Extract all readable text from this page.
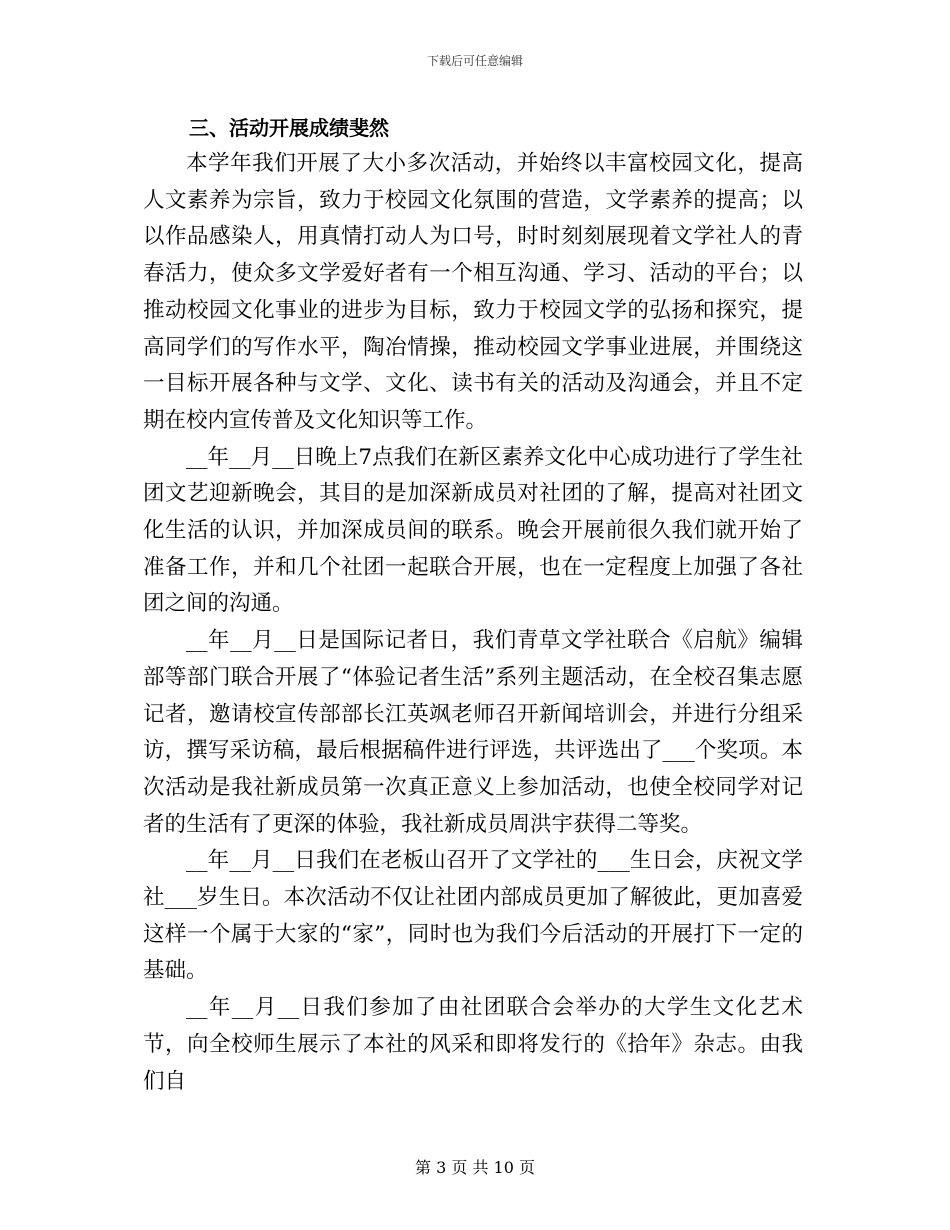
下载后可任意编辑
三、活动开展成绩斐然

本学年我们开展了大小多次活动，并始终以丰富校园文化，提高人文素养为宗旨，致力于校园文化氛围的营造，文学素养的提高；以以作品感染人，用真情打动人为口号，时时刻刻展现着文学社人的青春活力，使众多文学爱好者有一个相互沟通、学习、活动的平台；以推动校园文化事业的进步为目标，致力于校园文学的弘扬和探究，提高同学们的写作水平，陶冶情操，推动校园文学事业进展，并围绕这一目标开展各种与文学、文化、读书有关的活动及沟通会，并且不定期在校内宣传普及文化知识等工作。

__年__月__日晚上7点我们在新区素养文化中心成功进行了学生社团文艺迎新晚会，其目的是加深新成员对社团的了解，提高对社团文化生活的认识，并加深成员间的联系。晚会开展前很久我们就开始了准备工作，并和几个社团一起联合开展，也在一定程度上加强了各社团之间的沟通。

__年__月__日是国际记者日，我们青草文学社联合《启航》编辑部等部门联合开展了“体验记者生活”系列主题活动，在全校召集志愿记者，邀请校宣传部部长江英飒老师召开新闻培训会，并进行分组采访，撰写采访稿，最后根据稿件进行评选，共评选出了___个奖项。本次活动是我社新成员第一次真正意义上参加活动，也使全校同学对记者的生活有了更深的体验，我社新成员周洪宇获得二等奖。

__年__月__日我们在老板山召开了文学社的___生日会，庆祝文学社___岁生日。本次活动不仅让社团内部成员更加了解彼此，更加喜爱这样一个属于大家的“家”，同时也为我们今后活动的开展打下一定的基础。

__年__月__日我们参加了由社团联合会举办的大学生文化艺术节，向全校师生展示了本社的风采和即将发行的《拾年》杂志。由我们自

第 3 页 共 10 页
